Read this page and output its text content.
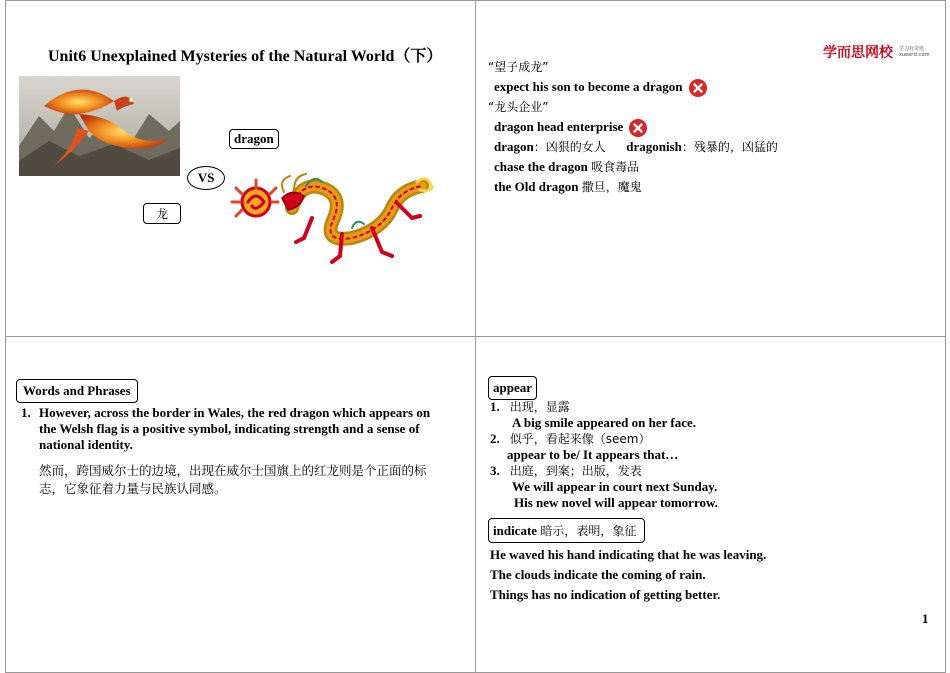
Unit6 Unexplained Mysteries of the Natural World（下）
dragon
VS
龙
学而思网校 学习有奇迹
xueersi.com
“望子成龙”
expect his son to become a dragon
“龙头企业”
dragon head enterprise
dragon：凶狠的女人 dragonish：残暴的，凶猛的
chase the dragon 吸食毒品
the Old dragon 撒旦，魔鬼
Words and Phrases
1. However, across the border in Wales, the red dragon which appears on
the Welsh flag is a positive symbol, indicating strength and a sense of
national identity.
然而，跨国威尔士的边境，出现在威尔士国旗上的红龙则是个正面的标
志，它象征着力量与民族认同感。
appear
1. 出现，显露
A big smile appeared on her face.
2. 似乎，看起来像（seem）
appear to be/ It appears that…
3. 出庭，到案；出版，发表
We will appear in court next Sunday.
His new novel will appear tomorrow.
indicate 暗示，表明，象征
He waved his hand indicating that he was leaving.
The clouds indicate the coming of rain.
Things has no indication of getting better.
1
